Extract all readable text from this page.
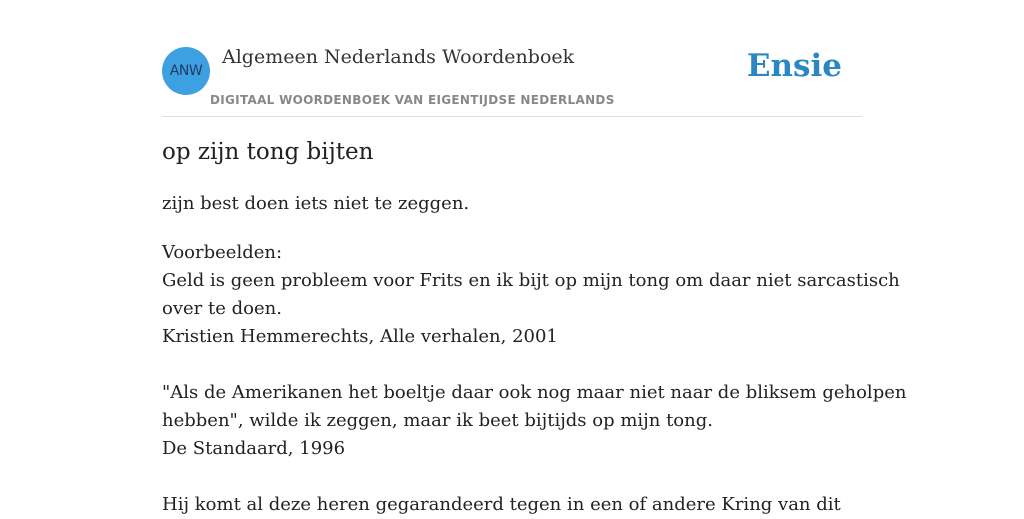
ANW
Algemeen Nederlands Woordenboek
DIGITAAL WOORDENBOEK VAN EIGENTIJDSE NEDERLANDS
Ensie
op zijn tong bijten
zijn best doen iets niet te zeggen.
Voorbeelden:
Geld is geen probleem voor Frits en ik bijt op mijn tong om daar niet sarcastisch
over te doen.
Kristien Hemmerechts, Alle verhalen, 2001
"Als de Amerikanen het boeltje daar ook nog maar niet naar de bliksem geholpen
hebben", wilde ik zeggen, maar ik beet bijtijds op mijn tong.
De Standaard, 1996
Hij komt al deze heren gegarandeerd tegen in een of andere Kring van dit
